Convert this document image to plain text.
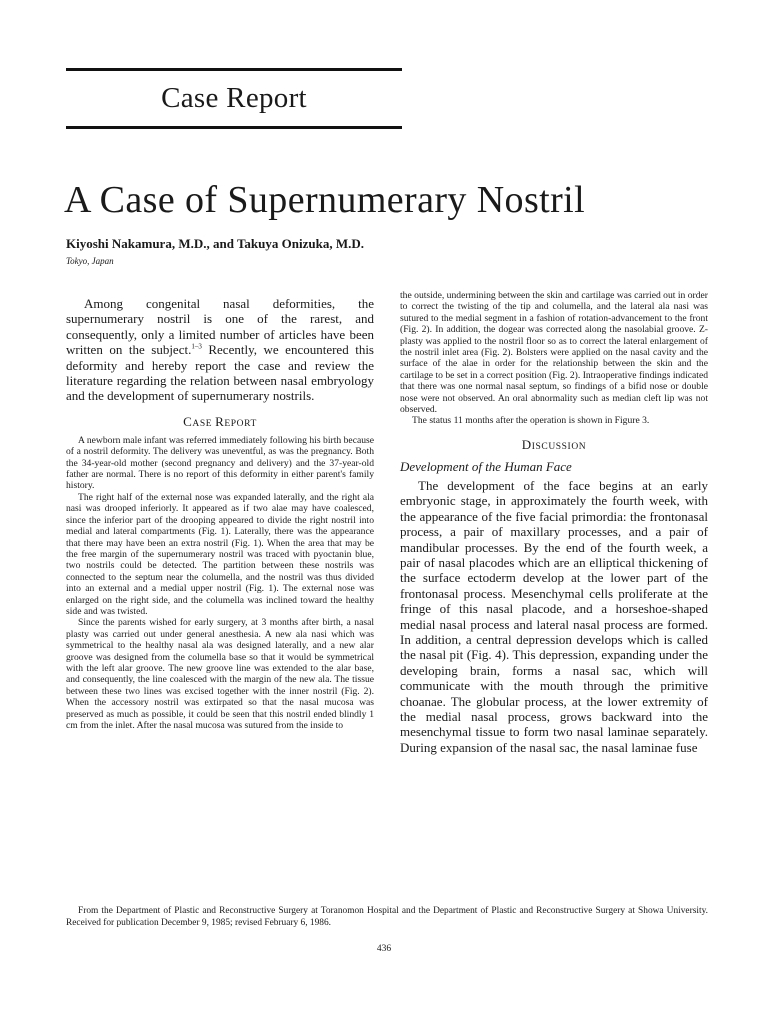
Case Report
A Case of Supernumerary Nostril
Kiyoshi Nakamura, M.D., and Takuya Onizuka, M.D.
Tokyo, Japan

Among congenital nasal deformities, the supernumerary nostril is one of the rarest, and consequently, only a limited number of articles have been written on the subject.$^{1-3}$ Recently, we encountered this deformity and hereby report the case and review the literature regarding the relation between nasal embryology and the development of supernumerary nostrils.

CASE REPORT

A newborn male infant was referred immediately following his birth because of a nostril deformity. The delivery was uneventful, as was the pregnancy. Both the 34-year-old mother (second pregnancy and delivery) and the 37-year-old father are normal. There is no report of this deformity in either parent's family history.

The right half of the external nose was expanded laterally, and the right ala nasi was drooped inferiorly. It appeared as if two alae may have coalesced, since the inferior part of the drooping appeared to divide the right nostril into medial and lateral compartments (Fig. 1). Laterally, there was the appearance that there may have been an extra nostril (Fig. 1). When the area that may be the free margin of the supernumerary nostril was traced with pyoctanin blue, two nostrils could be detected. The partition between these nostrils was connected to the septum near the columella, and the nostril was thus divided into an external and a medial upper nostril (Fig. 1). The external nose was enlarged on the right side, and the columella was inclined toward the healthy side and was twisted.

Since the parents wished for early surgery, at 3 months after birth, a nasal plasty was carried out under general anesthesia. A new ala nasi which was symmetrical to the healthy nasal ala was designed laterally, and a new alar groove was designed from the columella base so that it would be symmetrical with the left alar groove. The new groove line was extended to the alar base, and consequently, the line coalesced with the margin of the new ala. The tissue between these two lines was excised together with the inner nostril (Fig. 2). When the accessory nostril was extirpated so that the nasal mucosa was preserved as much as possible, it could be seen that this nostril ended blindly 1 cm from the inlet. After the nasal mucosa was sutured from the inside to

the outside, undermining between the skin and cartilage was carried out in order to correct the twisting of the tip and columella, and the lateral ala nasi was sutured to the medial segment in a fashion of rotation-advancement to the front (Fig. 2). In addition, the dogear was corrected along the nasolabial groove. Z-plasty was applied to the nostril floor so as to correct the lateral enlargement of the nostril inlet area (Fig. 2). Bolsters were applied on the nasal cavity and the surface of the alae in order for the relationship between the skin and the cartilage to be set in a correct position (Fig. 2). Intraoperative findings indicated that there was one normal nasal septum, so findings of a bifid nose or double nose were not observed. An oral abnormality such as median cleft lip was not observed.

The status 11 months after the operation is shown in Figure 3.

DISCUSSION

Development of the Human Face

The development of the face begins at an early embryonic stage, in approximately the fourth week, with the appearance of the five facial primordia: the frontonasal process, a pair of maxillary processes, and a pair of mandibular processes. By the end of the fourth week, a pair of nasal placodes which are an elliptical thickening of the surface ectoderm develop at the lower part of the frontonasal process. Mesenchymal cells proliferate at the fringe of this nasal placode, and a horseshoe-shaped medial nasal process and lateral nasal process are formed. In addition, a central depression develops which is called the nasal pit (Fig. 4). This depression, expanding under the developing brain, forms a nasal sac, which will communicate with the mouth through the primitive choanae. The globular process, at the lower extremity of the medial nasal process, grows backward into the mesenchymal tissue to form two nasal laminae separately. During expansion of the nasal sac, the nasal laminae fuse

From the Department of Plastic and Reconstructive Surgery at Toranomon Hospital and the Department of Plastic and Reconstructive Surgery at Showa University. Received for publication December 9, 1985; revised February 6, 1986.
436
